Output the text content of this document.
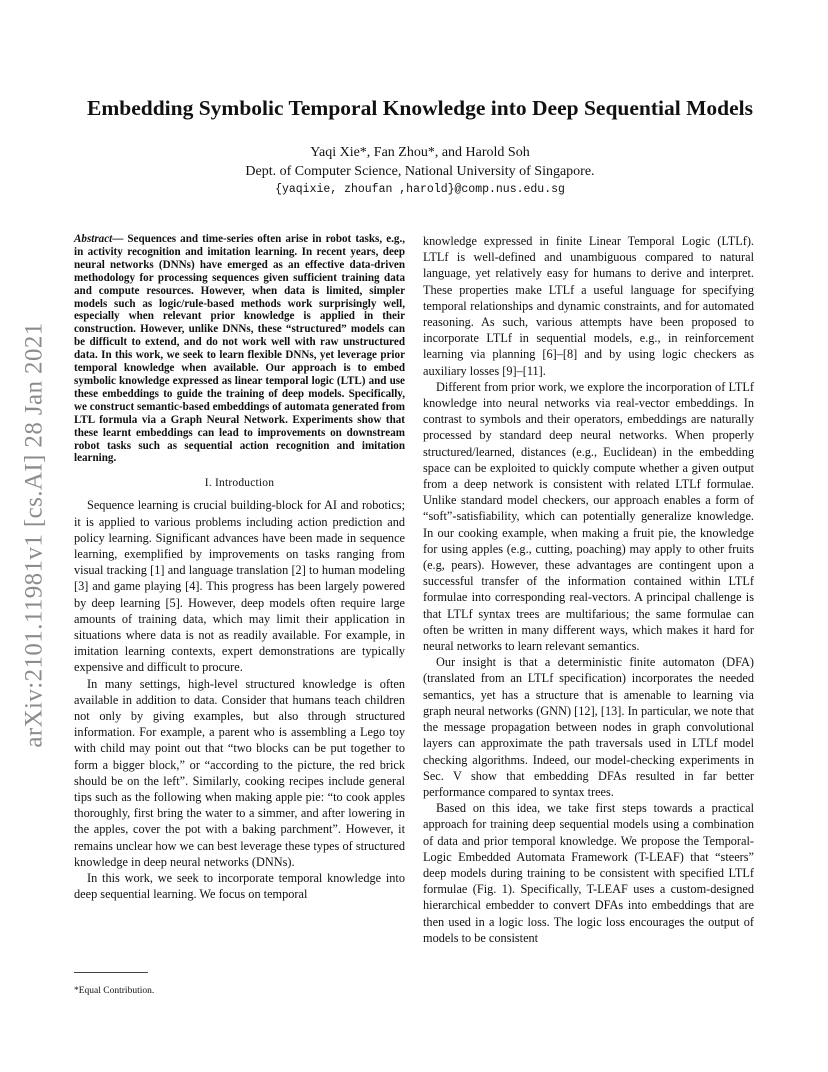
arXiv:2101.11981v1 [cs.AI] 28 Jan 2021
Embedding Symbolic Temporal Knowledge into Deep Sequential Models
Yaqi Xie*, Fan Zhou*, and Harold Soh
Dept. of Computer Science, National University of Singapore.
{yaqixie, zhoufan ,harold}@comp.nus.edu.sg

Abstract— Sequences and time-series often arise in robot tasks, e.g., in activity recognition and imitation learning. In recent years, deep neural networks (DNNs) have emerged as an effective data-driven methodology for processing sequences given sufficient training data and compute resources. However, when data is limited, simpler models such as logic/rule-based methods work surprisingly well, especially when relevant prior knowledge is applied in their construction. However, unlike DNNs, these “structured” models can be difficult to extend, and do not work well with raw unstructured data. In this work, we seek to learn flexible DNNs, yet leverage prior temporal knowledge when available. Our approach is to embed symbolic knowledge expressed as linear temporal logic (LTL) and use these embeddings to guide the training of deep models. Specifically, we construct semantic-based embeddings of automata generated from LTL formula via a Graph Neural Network. Experiments show that these learnt embeddings can lead to improvements on downstream robot tasks such as sequential action recognition and imitation learning.

I. Introduction

Sequence learning is crucial building-block for AI and robotics; it is applied to various problems including action prediction and policy learning. Significant advances have been made in sequence learning, exemplified by improvements on tasks ranging from visual tracking [1] and language translation [2] to human modeling [3] and game playing [4]. This progress has been largely powered by deep learning [5]. However, deep models often require large amounts of training data, which may limit their application in situations where data is not as readily available. For example, in imitation learning contexts, expert demonstrations are typically expensive and difficult to procure.

In many settings, high-level structured knowledge is often available in addition to data. Consider that humans teach children not only by giving examples, but also through structured information. For example, a parent who is assembling a Lego toy with child may point out that “two blocks can be put together to form a bigger block,” or “according to the picture, the red brick should be on the left”. Similarly, cooking recipes include general tips such as the following when making apple pie: “to cook apples thoroughly, first bring the water to a simmer, and after lowering in the apples, cover the pot with a baking parchment”. However, it remains unclear how we can best leverage these types of structured knowledge in deep neural networks (DNNs).

In this work, we seek to incorporate temporal knowledge into deep sequential learning. We focus on temporal

knowledge expressed in finite Linear Temporal Logic (LTLf). LTLf is well-defined and unambiguous compared to natural language, yet relatively easy for humans to derive and interpret. These properties make LTLf a useful language for specifying temporal relationships and dynamic constraints, and for automated reasoning. As such, various attempts have been proposed to incorporate LTLf in sequential models, e.g., in reinforcement learning via planning [6]–[8] and by using logic checkers as auxiliary losses [9]–[11].

Different from prior work, we explore the incorporation of LTLf knowledge into neural networks via real-vector embeddings. In contrast to symbols and their operators, embeddings are naturally processed by standard deep neural networks. When properly structured/learned, distances (e.g., Euclidean) in the embedding space can be exploited to quickly compute whether a given output from a deep network is consistent with related LTLf formulae. Unlike standard model checkers, our approach enables a form of “soft”-satisfiability, which can potentially generalize knowledge. In our cooking example, when making a fruit pie, the knowledge for using apples (e.g., cutting, poaching) may apply to other fruits (e.g, pears). However, these advantages are contingent upon a successful transfer of the information contained within LTLf formulae into corresponding real-vectors. A principal challenge is that LTLf syntax trees are multifarious; the same formulae can often be written in many different ways, which makes it hard for neural networks to learn relevant semantics.

Our insight is that a deterministic finite automaton (DFA) (translated from an LTLf specification) incorporates the needed semantics, yet has a structure that is amenable to learning via graph neural networks (GNN) [12], [13]. In particular, we note that the message propagation between nodes in graph convolutional layers can approximate the path traversals used in LTLf model checking algorithms. Indeed, our model-checking experiments in Sec. V show that embedding DFAs resulted in far better performance compared to syntax trees.

Based on this idea, we take first steps towards a practical approach for training deep sequential models using a combination of data and prior temporal knowledge. We propose the Temporal-Logic Embedded Automata Framework (T-LEAF) that “steers” deep models during training to be consistent with specified LTLf formulae (Fig. 1). Specifically, T-LEAF uses a custom-designed hierarchical embedder to convert DFAs into embeddings that are then used in a logic loss. The logic loss encourages the output of models to be consistent

*Equal Contribution.
